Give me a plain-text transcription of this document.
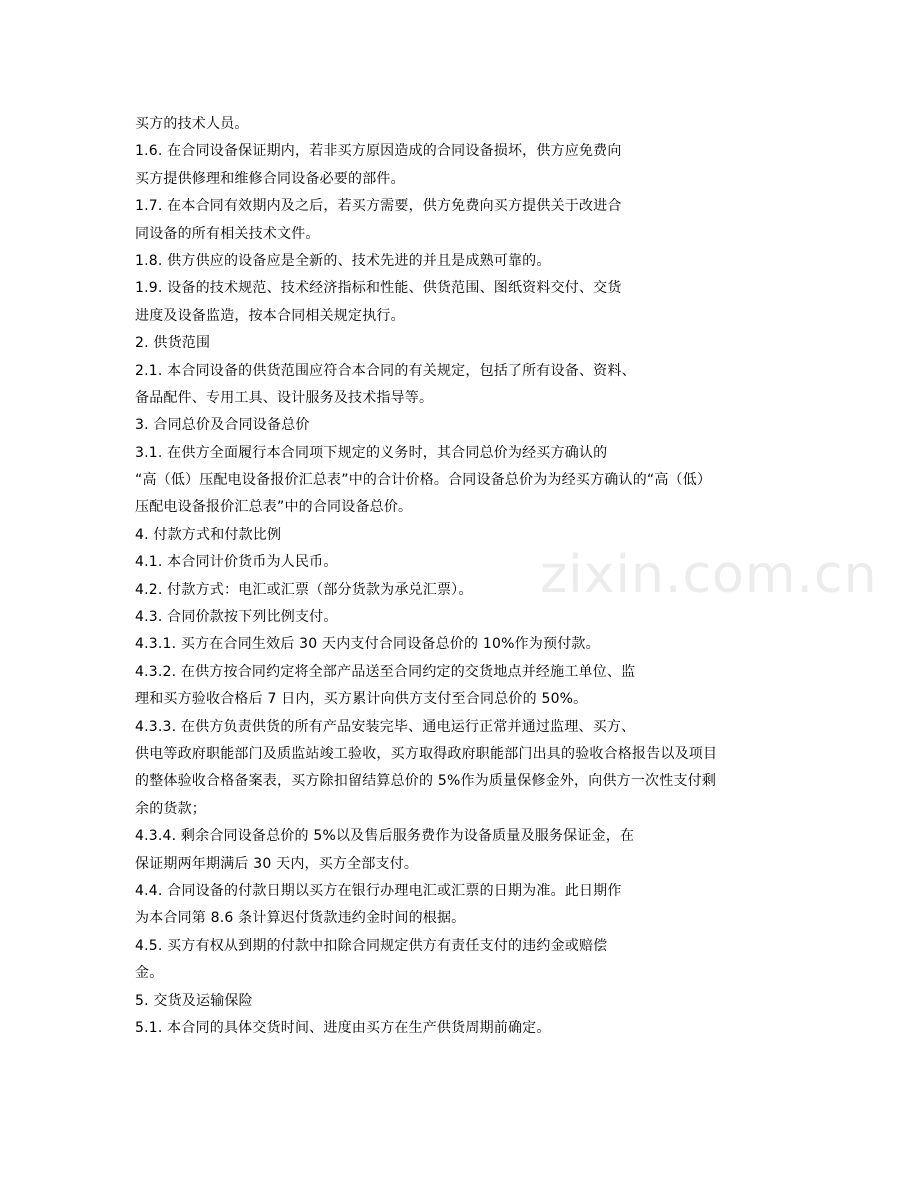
zixin.com.cn
买方的技术人员。
1.6. 在合同设备保证期内，若非买方原因造成的合同设备损坏，供方应免费向
买方提供修理和维修合同设备必要的部件。
1.7. 在本合同有效期内及之后，若买方需要，供方免费向买方提供关于改进合
同设备的所有相关技术文件。
1.8. 供方供应的设备应是全新的、技术先进的并且是成熟可靠的。
1.9. 设备的技术规范、技术经济指标和性能、供货范围、图纸资料交付、交货
进度及设备监造，按本合同相关规定执行。
2. 供货范围
2.1. 本合同设备的供货范围应符合本合同的有关规定，包括了所有设备、资料、
备品配件、专用工具、设计服务及技术指导等。
3. 合同总价及合同设备总价
3.1. 在供方全面履行本合同项下规定的义务时，其合同总价为经买方确认的
“高（低）压配电设备报价汇总表”中的合计价格。合同设备总价为为经买方确认的“高（低）
压配电设备报价汇总表”中的合同设备总价。
4. 付款方式和付款比例
4.1. 本合同计价货币为人民币。
4.2. 付款方式：电汇或汇票（部分货款为承兑汇票）。
4.3. 合同价款按下列比例支付。
4.3.1. 买方在合同生效后 30 天内支付合同设备总价的 10%作为预付款。
4.3.2. 在供方按合同约定将全部产品送至合同约定的交货地点并经施工单位、监
理和买方验收合格后 7 日内，买方累计向供方支付至合同总价的 50%。
4.3.3. 在供方负责供货的所有产品安装完毕、通电运行正常并通过监理、买方、
供电等政府职能部门及质监站竣工验收，买方取得政府职能部门出具的验收合格报告以及项目
的整体验收合格备案表，买方除扣留结算总价的 5%作为质量保修金外，向供方一次性支付剩
余的货款；
4.3.4. 剩余合同设备总价的 5%以及售后服务费作为设备质量及服务保证金，在
保证期两年期满后 30 天内，买方全部支付。
4.4. 合同设备的付款日期以买方在银行办理电汇或汇票的日期为准。此日期作
为本合同第 8.6 条计算迟付货款违约金时间的根据。
4.5. 买方有权从到期的付款中扣除合同规定供方有责任支付的违约金或赔偿
金。
5. 交货及运输保险
5.1. 本合同的具体交货时间、进度由买方在生产供货周期前确定。
